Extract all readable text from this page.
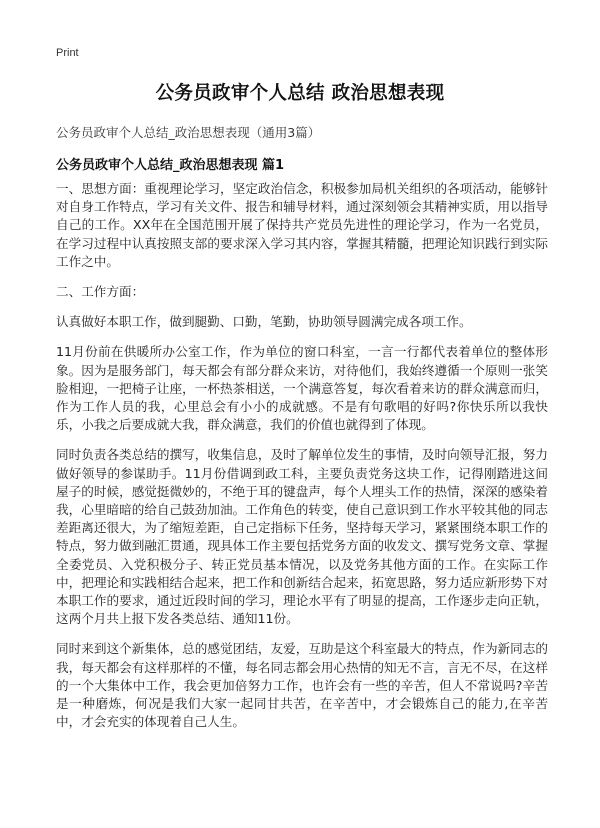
Print
公务员政审个人总结 政治思想表现
公务员政审个人总结_政治思想表现（通用3篇）
公务员政审个人总结_政治思想表现 篇1

一、思想方面：重视理论学习，坚定政治信念，积极参加局机关组织的各项活动，能够针对自身工作特点，学习有关文件、报告和辅导材料，通过深刻领会其精神实质，用以指导自己的工作。XX年在全国范围开展了保持共产党员先进性的理论学习，作为一名党员，在学习过程中认真按照支部的要求深入学习其内容，掌握其精髓，把理论知识践行到实际工作之中。

二、工作方面：

认真做好本职工作，做到腿勤、口勤，笔勤，协助领导圆满完成各项工作。

11月份前在供暖所办公室工作，作为单位的窗口科室，一言一行都代表着单位的整体形象。因为是服务部门，每天都会有部分群众来访，对待他们，我始终遵循一个原则一张笑脸相迎，一把椅子让座，一杯热茶相送，一个满意答复，每次看着来访的群众满意而归，作为工作人员的我，心里总会有小小的成就感。不是有句歌唱的好吗?你快乐所以我快乐，小我之后要成就大我，群众满意，我们的价值也就得到了体现。

同时负责各类总结的撰写，收集信息，及时了解单位发生的事情，及时向领导汇报，努力做好领导的参谋助手。11月份借调到政工科，主要负责党务这块工作，记得刚踏进这间屋子的时候，感觉挺微妙的，不绝于耳的键盘声，每个人埋头工作的热情，深深的感染着我，心里暗暗的给自己鼓劲加油。工作角色的转变，使自己意识到工作水平较其他的同志差距离还很大，为了缩短差距，自己定指标下任务，坚持每天学习，紧紧围绕本职工作的特点，努力做到融汇贯通，现具体工作主要包括党务方面的收发文、撰写党务文章、掌握全委党员、入党积极分子、转正党员基本情况，以及党务其他方面的工作。在实际工作中，把理论和实践相结合起来，把工作和创新结合起来，拓宽思路，努力适应新形势下对本职工作的要求，通过近段时间的学习，理论水平有了明显的提高，工作逐步走向正轨，这两个月共上报下发各类总结、通知11份。

同时来到这个新集体，总的感觉团结，友爱，互助是这个科室最大的特点，作为新同志的我，每天都会有这样那样的不懂，每名同志都会用心热情的知无不言，言无不尽，在这样的一个大集体中工作，我会更加倍努力工作，也许会有一些的辛苦，但人不常说吗?辛苦是一种磨炼，何况是我们大家一起同甘共苦，在辛苦中，才会锻炼自己的能力,在辛苦中，才会充实的体现着自己人生。
